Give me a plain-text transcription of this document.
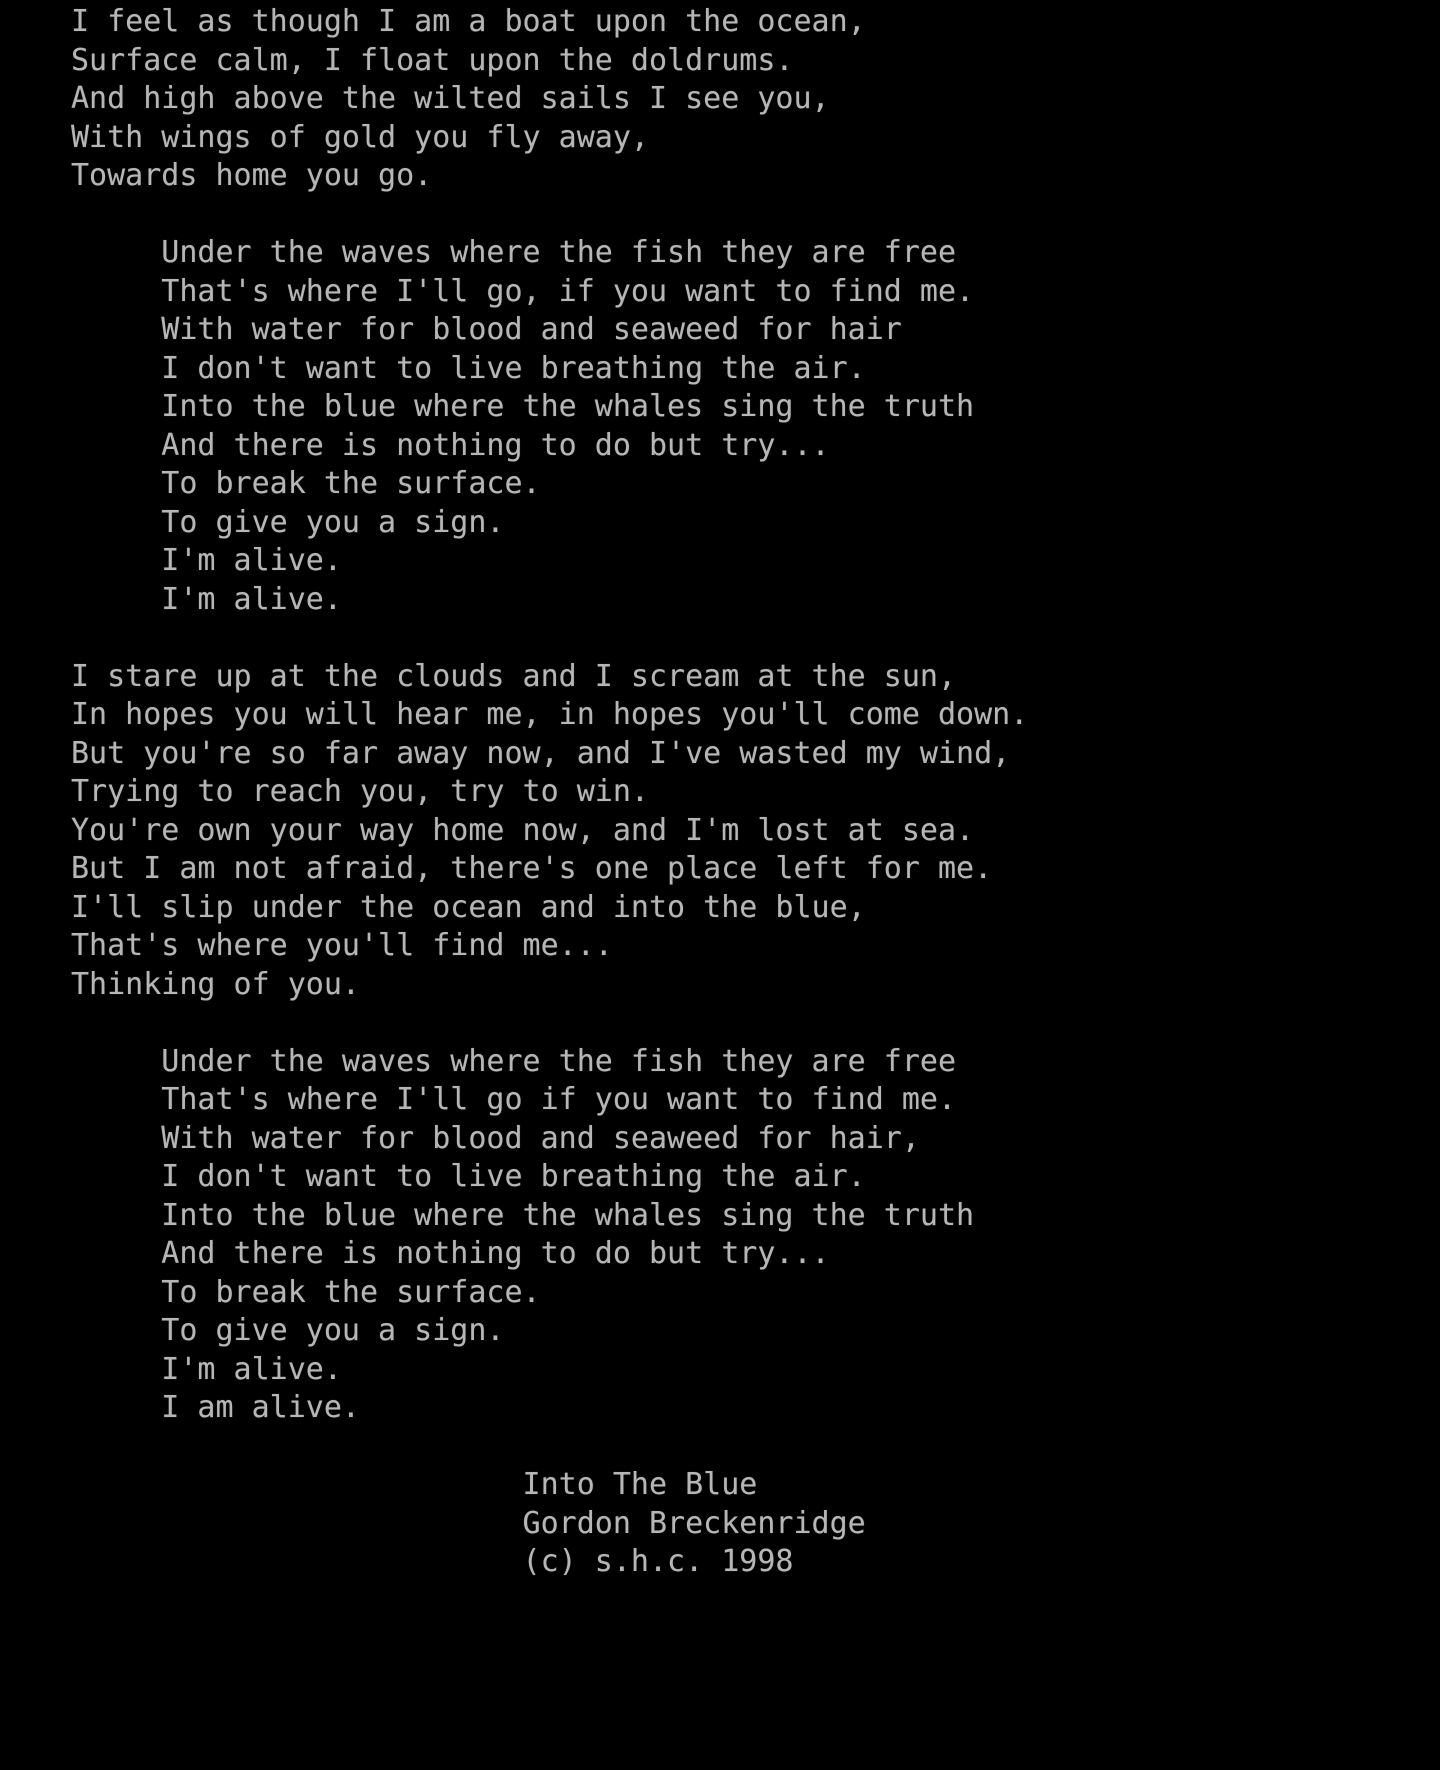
I feel as though I am a boat upon the ocean,
Surface calm, I float upon the doldrums.
And high above the wilted sails I see you,
With wings of gold you fly away,
Towards home you go.
Under the waves where the fish they are free
That's where I'll go, if you want to find me.
With water for blood and seaweed for hair
I don't want to live breathing the air.
Into the blue where the whales sing the truth
And there is nothing to do but try...
To break the surface.
To give you a sign.
I'm alive.
I'm alive.
I stare up at the clouds and I scream at the sun,
In hopes you will hear me, in hopes you'll come down.
But you're so far away now, and I've wasted my wind,
Trying to reach you, try to win.
You're own your way home now, and I'm lost at sea.
But I am not afraid, there's one place left for me.
I'll slip under the ocean and into the blue,
That's where you'll find me...
Thinking of you.
Under the waves where the fish they are free
That's where I'll go if you want to find me.
With water for blood and seaweed for hair,
I don't want to live breathing the air.
Into the blue where the whales sing the truth
And there is nothing to do but try...
To break the surface.
To give you a sign.
I'm alive.
I am alive.
Into The Blue
Gordon Breckenridge
(c) s.h.c. 1998
